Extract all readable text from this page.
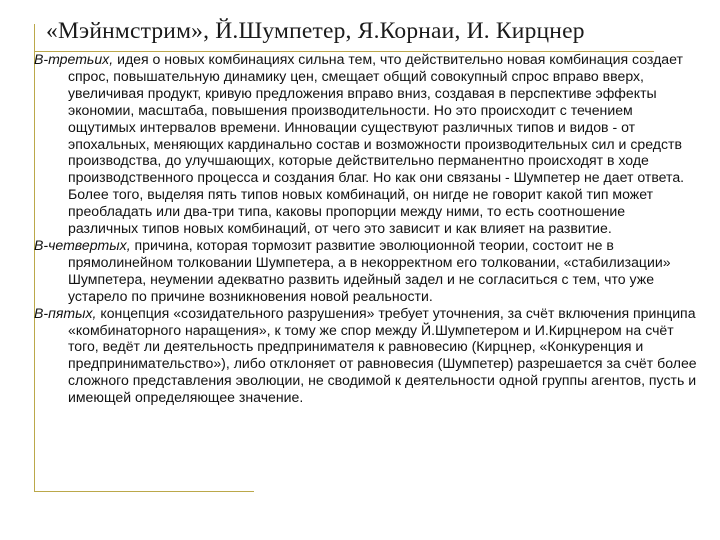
«Мэйнмстрим», Й.Шумпетер, Я.Корнаи, И. Кирцнер

В-третьих, идея о новых комбинациях сильна тем, что действительно новая комбинация создает спрос, повышательную динамику цен, смещает общий совокупный спрос вправо вверх, увеличивая продукт, кривую предложения вправо вниз, создавая в перспективе эффекты экономии, масштаба, повышения производительности. Но это происходит с течением ощутимых интервалов времени. Инновации существуют различных типов и видов - от эпохальных, меняющих кардинально состав и возможности производительных сил и средств производства, до улучшающих, которые действительно перманентно происходят в ходе производственного процесса и создания благ. Но как они связаны - Шумпетер не дает ответа. Более того, выделяя пять типов новых комбинаций, он нигде не говорит какой тип может преобладать или два-три типа, каковы пропорции между ними, то есть соотношение различных типов новых комбинаций, от чего это зависит и как влияет на развитие.

В-четвертых, причина, которая тормозит развитие эволюционной теории, состоит не в прямолинейном толковании Шумпетера, а в некорректном его толковании, «стабилизации» Шумпетера, неумении адекватно развить идейный задел и не согласиться с тем, что уже устарело по причине возникновения новой реальности.

В-пятых, концепция «созидательного разрушения» требует уточнения, за счёт включения принципа «комбинаторного наращения», к тому же спор между Й.Шумпетером и И.Кирцнером на счёт того, ведёт ли деятельность предпринимателя к равновесию (Кирцнер, «Конкуренция и предпринимательство»), либо отклоняет от равновесия (Шумпетер) разрешается за счёт более сложного представления эволюции, не сводимой к деятельности одной группы агентов, пусть и имеющей определяющее значение.
